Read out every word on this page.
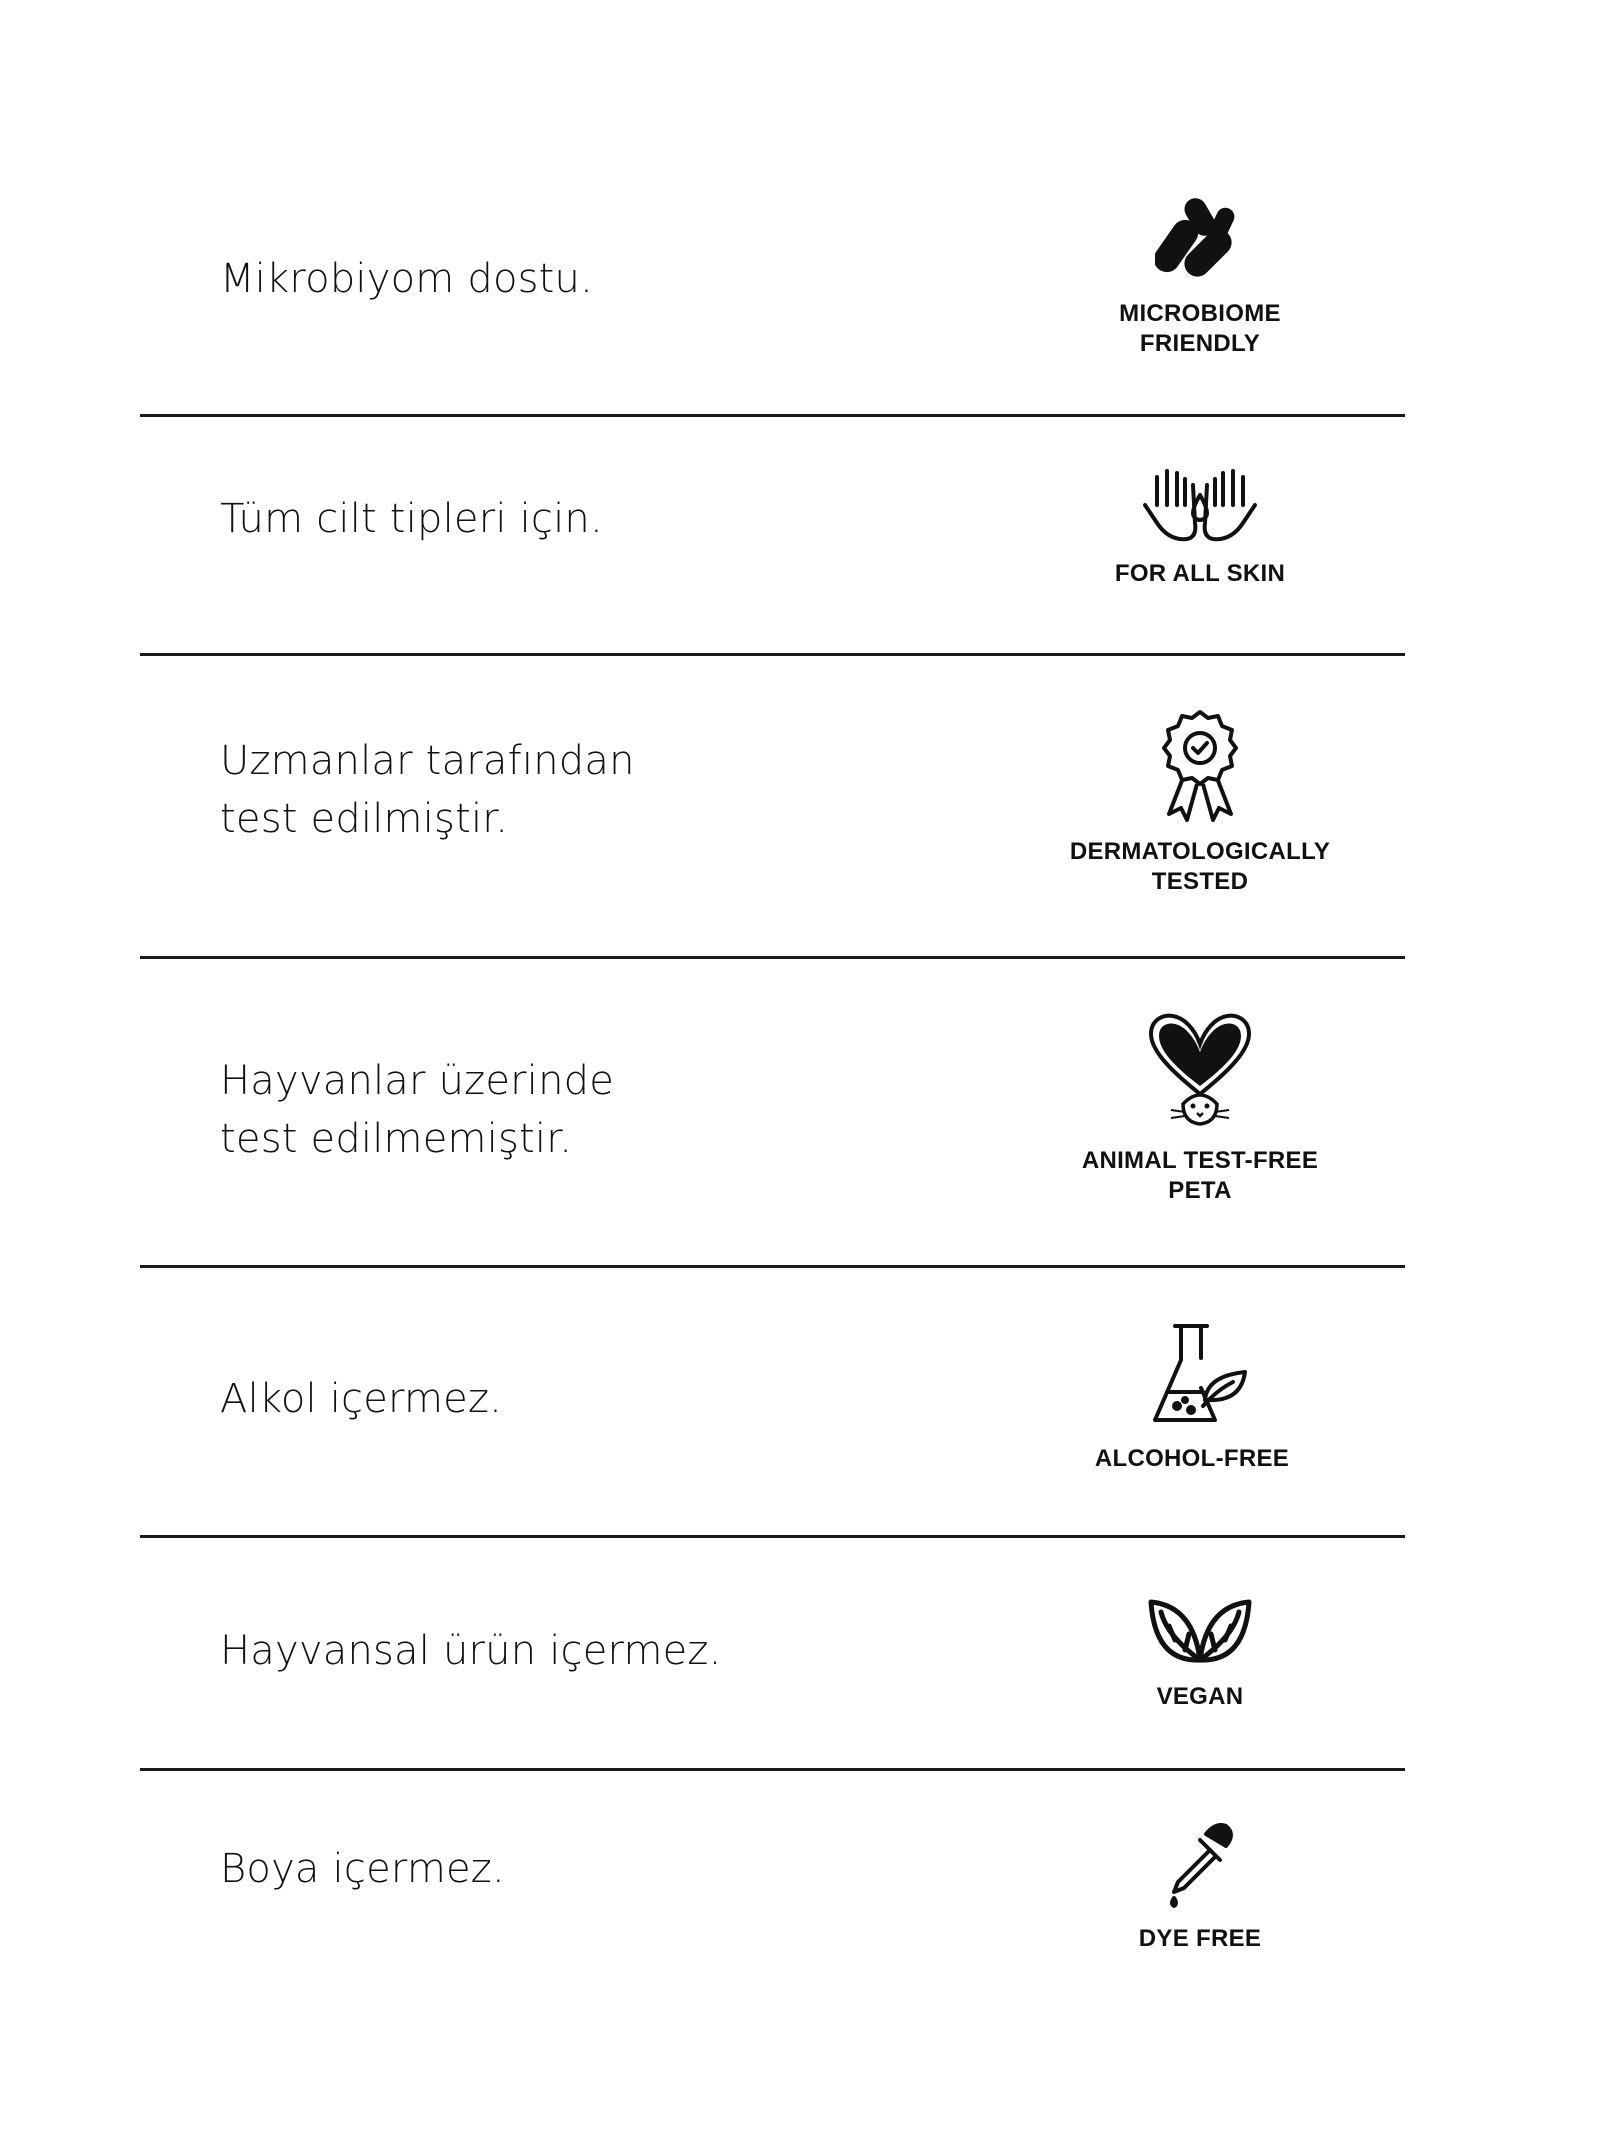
Mikrobiyom dostu.
MICROBIOME
FRIENDLY
Tüm cilt tipleri için.
FOR ALL SKIN
Uzmanlar tarafından
test edilmiştir.
DERMATOLOGICALLY
TESTED
Hayvanlar üzerinde
test edilmemiştir.	ANIMAL TEST-FREE
PETA
Alkol içermez.
ALCOHOL-FREE
Hayvansal ürün içermez.
VEGAN
Boya içermez.
DYE FREE
